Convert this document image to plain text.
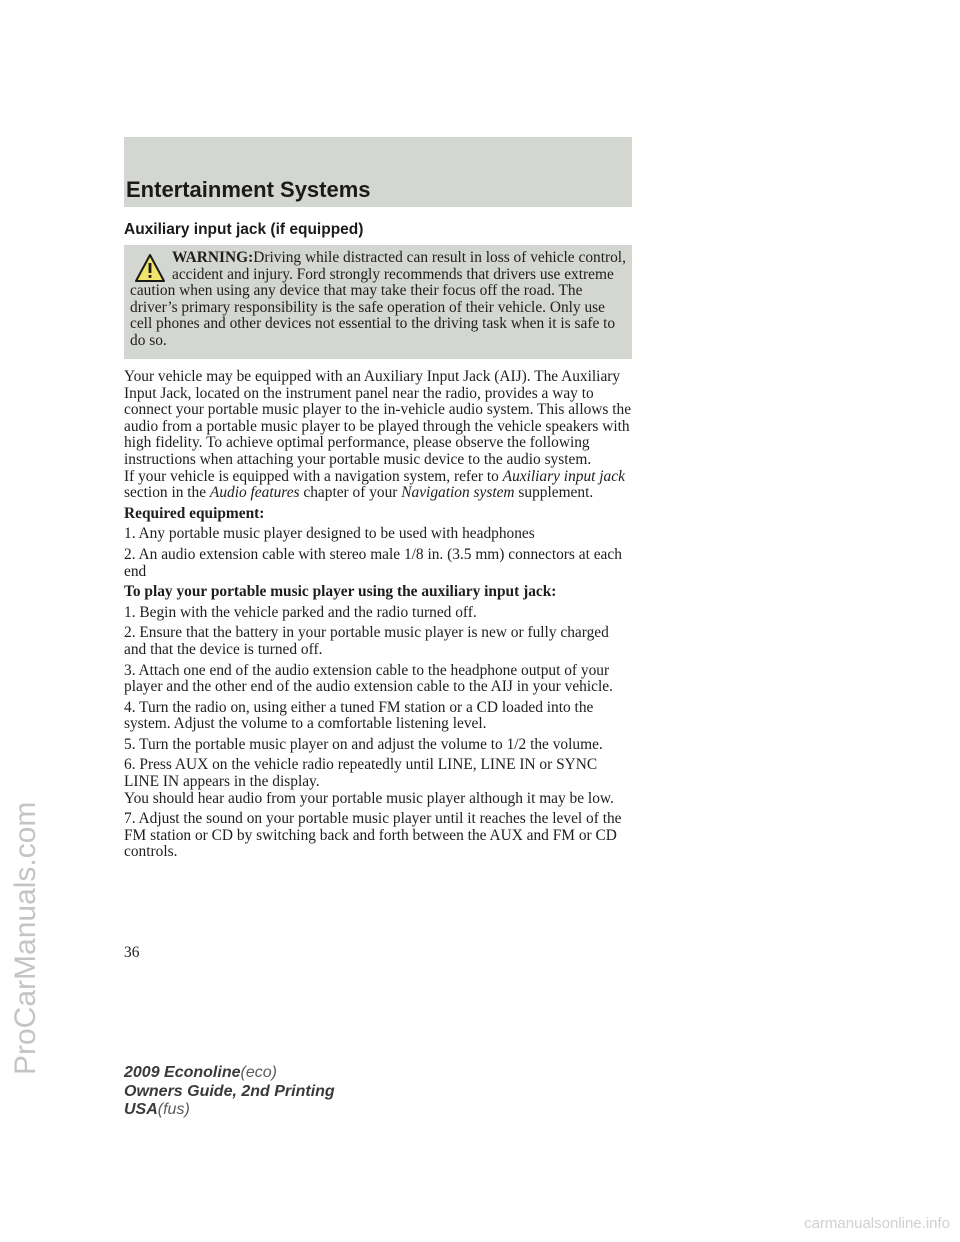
Entertainment Systems
Auxiliary input jack (if equipped)
WARNING:Driving while distracted can result in loss of vehicle control, accident and injury. Ford strongly recommends that drivers use extreme caution when using any device that may take their focus off the road. The driver’s primary responsibility is the safe operation of their vehicle. Only use cell phones and other devices not essential to the driving task when it is safe to do so.

Your vehicle may be equipped with an Auxiliary Input Jack (AIJ). The Auxiliary Input Jack, located on the instrument panel near the radio, provides a way to connect your portable music player to the in-vehicle audio system. This allows the audio from a portable music player to be played through the vehicle speakers with high fidelity. To achieve optimal performance, please observe the following instructions when attaching your portable music device to the audio system.

If your vehicle is equipped with a navigation system, refer to Auxiliary input jack section in the Audio features chapter of your Navigation system supplement.

Required equipment:

1. Any portable music player designed to be used with headphones

2. An audio extension cable with stereo male 1/8 in. (3.5 mm) connectors at each end

To play your portable music player using the auxiliary input jack:

1. Begin with the vehicle parked and the radio turned off.

2. Ensure that the battery in your portable music player is new or fully charged and that the device is turned off.

3. Attach one end of the audio extension cable to the headphone output of your player and the other end of the audio extension cable to the AIJ in your vehicle.

4. Turn the radio on, using either a tuned FM station or a CD loaded into the system. Adjust the volume to a comfortable listening level.

5. Turn the portable music player on and adjust the volume to 1/2 the volume.

6. Press AUX on the vehicle radio repeatedly until LINE, LINE IN or SYNC LINE IN appears in the display.

You should hear audio from your portable music player although it may be low.

7. Adjust the sound on your portable music player until it reaches the level of the FM station or CD by switching back and forth between the AUX and FM or CD controls.

36
2009 Econoline(eco)
Owners Guide, 2nd Printing
USA(fus)
ProCarManuals.com
carmanualsonline.info
